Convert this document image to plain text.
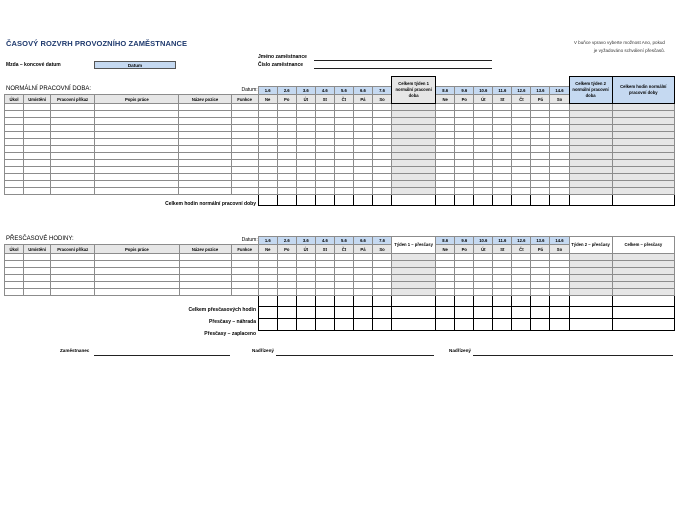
ČASOVÝ ROZVRH PROVOZNÍHO ZAMĚSTNANCE	V buňce vpravo vyberte možnost Ano, pokud
je vyžadováno schválení přesčasů.
Jméno zaměstnance
Číslo zaměstnance
Mzda – koncové datum	Datum
NORMÁLNÍ PRACOVNÍ DOBA:
													Celkem týden 1 normální pracovní doba								Celkem týden 2 normální pracovní doba	Celkem hodin normální pracovní doby
					Datum:	1.6	2.6	3.6	4.6	5.6	6.6	7.6		8.6	9.6	10.6	11.6	12.6	13.6	14.6		
Úkol	Umístění	Pracovní příkaz	Popis práce	Název pozice	Funkce	Ne	Po	Út	St	Čt	Pá	So		Ne	Po	Út	St	Čt	Pá	So		

Celkem hodin normální pracovní doby
PŘESČASOVÉ HODINY:
					Datum:	1.6	2.6	3.6	4.6	5.6	6.6	7.6	Týden 1 – přesčasy	8.6	9.6	10.6	11.6	12.6	13.6	14.6	Týden 2 – přesčasy	Celkem – přesčasy
Úkol	Umístění	Pracovní příkaz	Popis práce	Název pozice	Funkce	Ne	Po	Út	St	Čt	Pá	So		Ne	Po	Út	St	Čt	Pá	So		

Celkem přesčasových hodin
Přesčasy – náhrada
Přesčasy – zaplaceno
Zaměstnanec	Nadřízený	Nadřízený
